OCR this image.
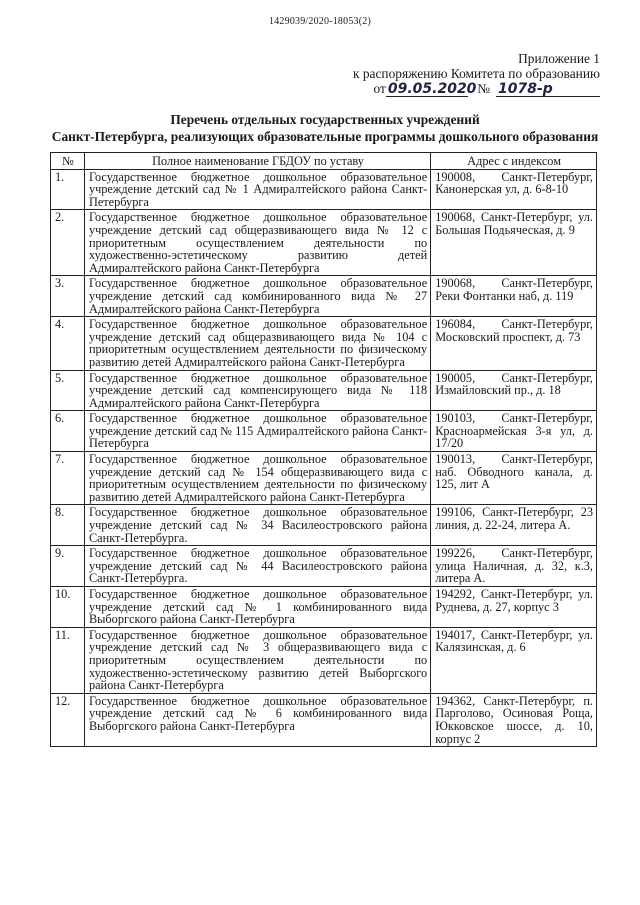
1429039/2020-18053(2)
Приложение 1
к распоряжению Комитета по образованию
от 09.05.2020 № 1078-р
Перечень отдельных государственных учреждений
Санкт-Петербурга, реализующих образовательные программы дошкольного образования
№	Полное наименование ГБДОУ по уставу	Адрес с индексом
1.	Государственное бюджетное дошкольное образовательное учреждение детский сад № 1 Адмиралтейского района Санкт-Петербурга	190008, Санкт-Петербург, Канонерская ул, д. 6-8-10
2.	Государственное бюджетное дошкольное образовательное учреждение детский сад общеразвивающего вида № 12 с приоритетным осуществлением деятельности по художественно-эстетическому развитию детей Адмиралтейского района Санкт-Петербурга	190068, Санкт-Петербург, ул. Большая Подьяческая, д. 9
3.	Государственное бюджетное дошкольное образовательное учреждение детский сад комбинированного вида № 27 Адмиралтейского района Санкт-Петербурга	190068, Санкт-Петербург, Реки Фонтанки наб, д. 119
4.	Государственное бюджетное дошкольное образовательное учреждение детский сад общеразвивающего вида № 104 с приоритетным осуществлением деятельности по физическому развитию детей Адмиралтейского района Санкт-Петербурга	196084, Санкт-Петербург, Московский проспект, д. 73
5.	Государственное бюджетное дошкольное образовательное учреждение детский сад компенсирующего вида № 118 Адмиралтейского района Санкт-Петербурга	190005, Санкт-Петербург, Измайловский пр., д. 18
6.	Государственное бюджетное дошкольное образовательное учреждение детский сад № 115 Адмиралтейского района Санкт-Петербурга	190103, Санкт-Петербург, Красноармейская 3-я ул, д. 17/20
7.	Государственное бюджетное дошкольное образовательное учреждение детский сад № 154 общеразвивающего вида с приоритетным осуществлением деятельности по физическому развитию детей Адмиралтейского района Санкт-Петербурга	190013, Санкт-Петербург, наб. Обводного канала, д. 125, лит А
8.	Государственное бюджетное дошкольное образовательное учреждение детский сад № 34 Василеостровского района Санкт-Петербурга.	199106, Санкт-Петербург, 23 линия, д. 22-24, литера А.
9.	Государственное бюджетное дошкольное образовательное учреждение детский сад № 44 Василеостровского района Санкт-Петербурга.	199226, Санкт-Петербург, улица Наличная, д. 32, к.3, литера А.
10.	Государственное бюджетное дошкольное образовательное учреждение детский сад № 1 комбинированного вида Выборгского района Санкт-Петербурга	194292, Санкт-Петербург, ул. Руднева, д. 27, корпус 3
11.	Государственное бюджетное дошкольное образовательное учреждение детский сад № 3 общеразвивающего вида с приоритетным осуществлением деятельности по художественно-эстетическому развитию детей Выборгского района Санкт-Петербурга	194017, Санкт-Петербург, ул. Калязинская, д. 6
12.	Государственное бюджетное дошкольное образовательное учреждение детский сад № 6 комбинированного вида Выборгского района Санкт-Петербурга	194362, Санкт-Петербург, п. Парголово, Осиновая Роща, Юкковское шоссе, д. 10, корпус 2
